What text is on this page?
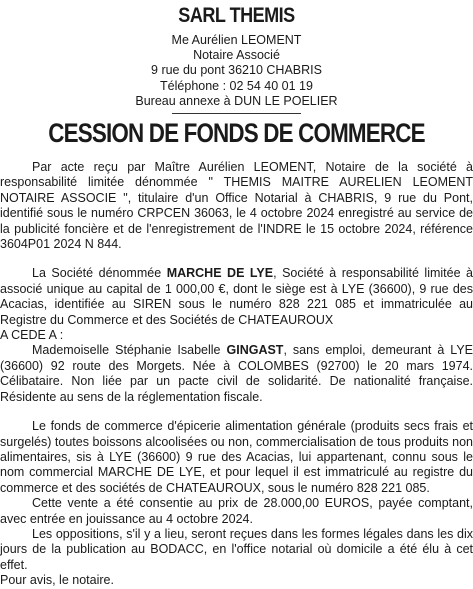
SARL THEMIS
Me Aurélien LEOMENT
Notaire Associé
9 rue du pont 36210 CHABRIS
Téléphone : 02 54 40 01 19
Bureau annexe à DUN LE POELIER
CESSION DE FONDS DE COMMERCE

Par acte reçu par Maître Aurélien LEOMENT, Notaire de la société à responsabilité limitée dénommée " THEMIS MAITRE AURELIEN LEOMENT NOTAIRE ASSOCIE ", titulaire d'un Office Notarial à CHABRIS, 9 rue du Pont, identifié sous le numéro CRPCEN 36063, le 4 octobre 2024 enregistré au service de la publicité foncière et de l'enregistrement de l'INDRE le 15 octobre 2024, référence 3604P01 2024 N 844.

La Société dénommée MARCHE DE LYE, Société à responsabilité limitée à associé unique au capital de 1 000,00 €, dont le siège est à LYE (36600), 9 rue des Acacias, identifiée au SIREN sous le numéro 828 221 085 et immatriculée au Registre du Commerce et des Sociétés de CHATEAUROUX

A CEDE A :

Mademoiselle Stéphanie Isabelle GINGAST, sans emploi, demeurant à LYE (36600) 92 route des Morgets. Née à COLOMBES (92700) le 20 mars 1974. Célibataire. Non liée par un pacte civil de solidarité. De nationalité française. Résidente au sens de la réglementation fiscale.

Le fonds de commerce d'épicerie alimentation générale (produits secs frais et surgelés) toutes boissons alcoolisées ou non, commercialisation de tous produits non alimentaires, sis à LYE (36600) 9 rue des Acacias, lui appartenant, connu sous le nom commercial MARCHE DE LYE, et pour lequel il est immatriculé au registre du commerce et des sociétés de CHATEAUROUX, sous le numéro 828 221 085.

Cette vente a été consentie au prix de 28.000,00 EUROS, payée comptant, avec entrée en jouissance au 4 octobre 2024.

Les oppositions, s'il y a lieu, seront reçues dans les formes légales dans les dix jours de la publication au BODACC, en l'office notarial où domicile a été élu à cet effet.

Pour avis, le notaire.
